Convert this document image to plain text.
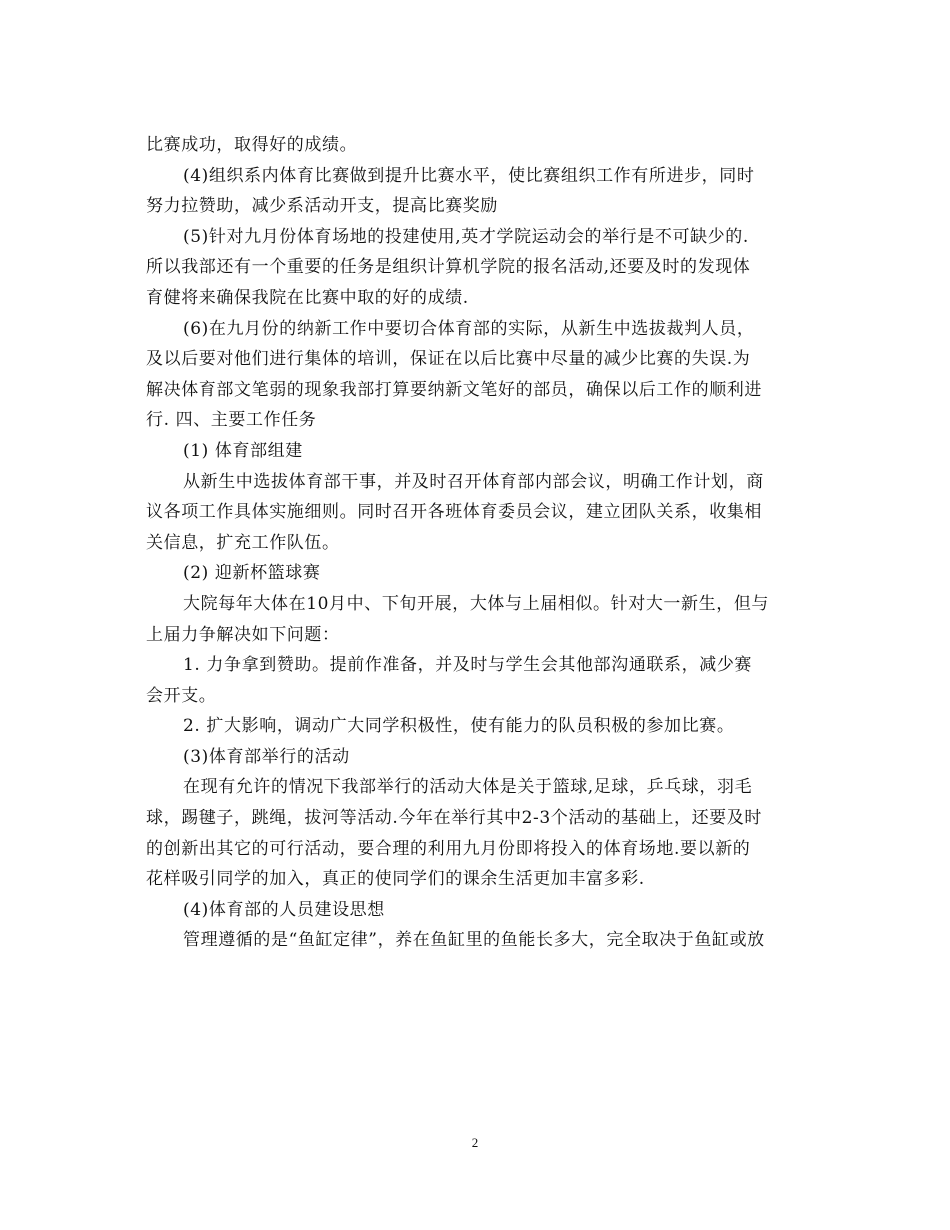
比赛成功，取得好的成绩。
(4)组织系内体育比赛做到提升比赛水平，使比赛组织工作有所进步，同时
努力拉赞助，减少系活动开支，提高比赛奖励
(5)针对九月份体育场地的投建使用,英才学院运动会的举行是不可缺少的.
所以我部还有一个重要的任务是组织计算机学院的报名活动,还要及时的发现体
育健将来确保我院在比赛中取的好的成绩.
(6)在九月份的纳新工作中要切合体育部的实际，从新生中选拔裁判人员，
及以后要对他们进行集体的培训，保证在以后比赛中尽量的减少比赛的失误.为
解决体育部文笔弱的现象我部打算要纳新文笔好的部员，确保以后工作的顺利进
行. 四、主要工作任务
(1) 体育部组建
从新生中选拔体育部干事，并及时召开体育部内部会议，明确工作计划，商
议各项工作具体实施细则。同时召开各班体育委员会议，建立团队关系，收集相
关信息，扩充工作队伍。
(2) 迎新杯篮球赛
大院每年大体在10月中、下旬开展，大体与上届相似。针对大一新生，但与
上届力争解决如下问题：
1. 力争拿到赞助。提前作准备，并及时与学生会其他部沟通联系，减少赛
会开支。
2. 扩大影响，调动广大同学积极性，使有能力的队员积极的参加比赛。
(3)体育部举行的活动
在现有允许的情况下我部举行的活动大体是关于篮球,足球，乒乓球，羽毛
球，踢毽子，跳绳，拔河等活动.今年在举行其中2-3个活动的基础上，还要及时
的创新出其它的可行活动，要合理的利用九月份即将投入的体育场地.要以新的
花样吸引同学的加入，真正的使同学们的课余生活更加丰富多彩.
(4)体育部的人员建设思想
管理遵循的是“鱼缸定律”，养在鱼缸里的鱼能长多大，完全取决于鱼缸或放
2
